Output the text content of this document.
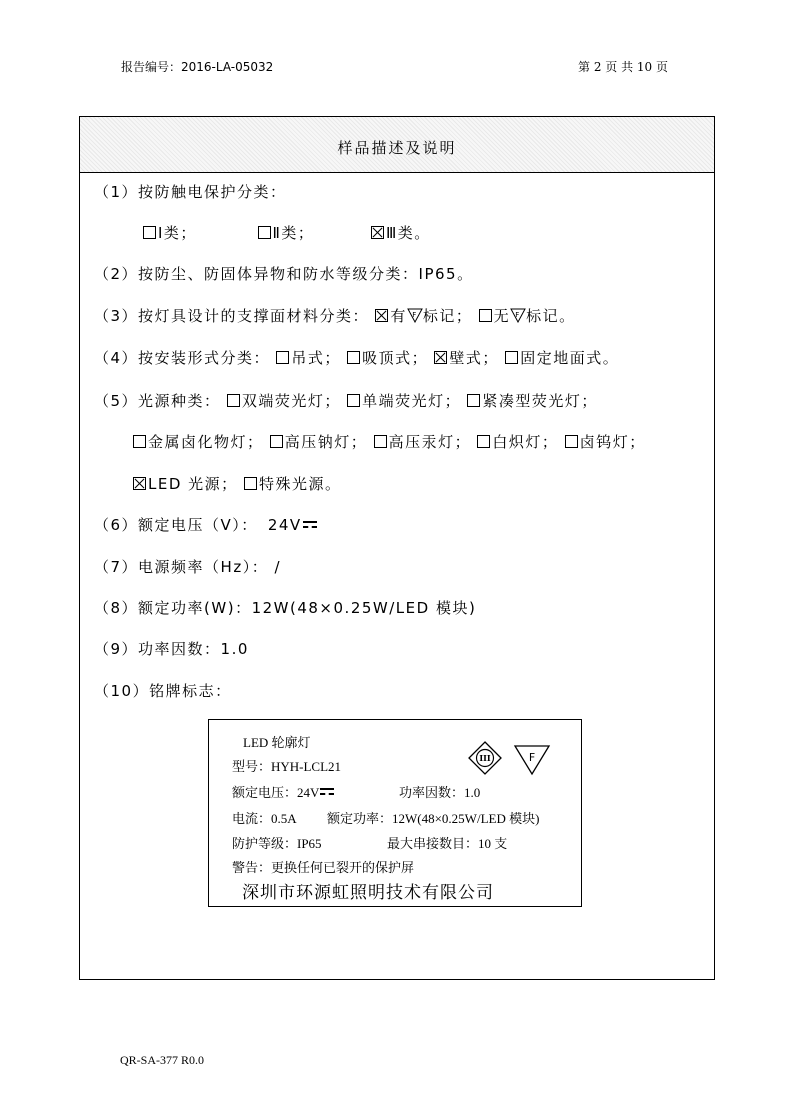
报告编号：2016-LA-05032	第 2 页 共 10 页
样品描述及说明
（1）按防触电保护分类：
Ⅰ类；	Ⅱ类；	Ⅲ类。
（2）按防尘、防固体异物和防水等级分类：IP65。
（3）按灯具设计的支撑面材料分类： 有 F 标记； 无 F 标记。
（4）按安装形式分类： 吊式； 吸顶式； 壁式； 固定地面式。
（5）光源种类： 双端荧光灯； 单端荧光灯； 紧凑型荧光灯；
金属卤化物灯； 高压钠灯； 高压汞灯； 白炽灯； 卤钨灯；
LED 光源； 特殊光源。
（6）额定电压（V）： 24V
（7）电源频率（Hz）： /
（8）额定功率(W)：12W(48×0.25W/LED 模块)
（9）功率因数：1.0
（10）铭牌标志：
LED 轮廓灯
型号：HYH-LCL21
额定电压：24V	功率因数：1.0
电流：0.5A 额定功率：12W(48×0.25W/LED 模块)
防护等级：IP65	最大串接数目：10 支
警告：更换任何已裂开的保护屏
深圳市环源虹照明技术有限公司
III	F
QR-SA-377 R0.0
